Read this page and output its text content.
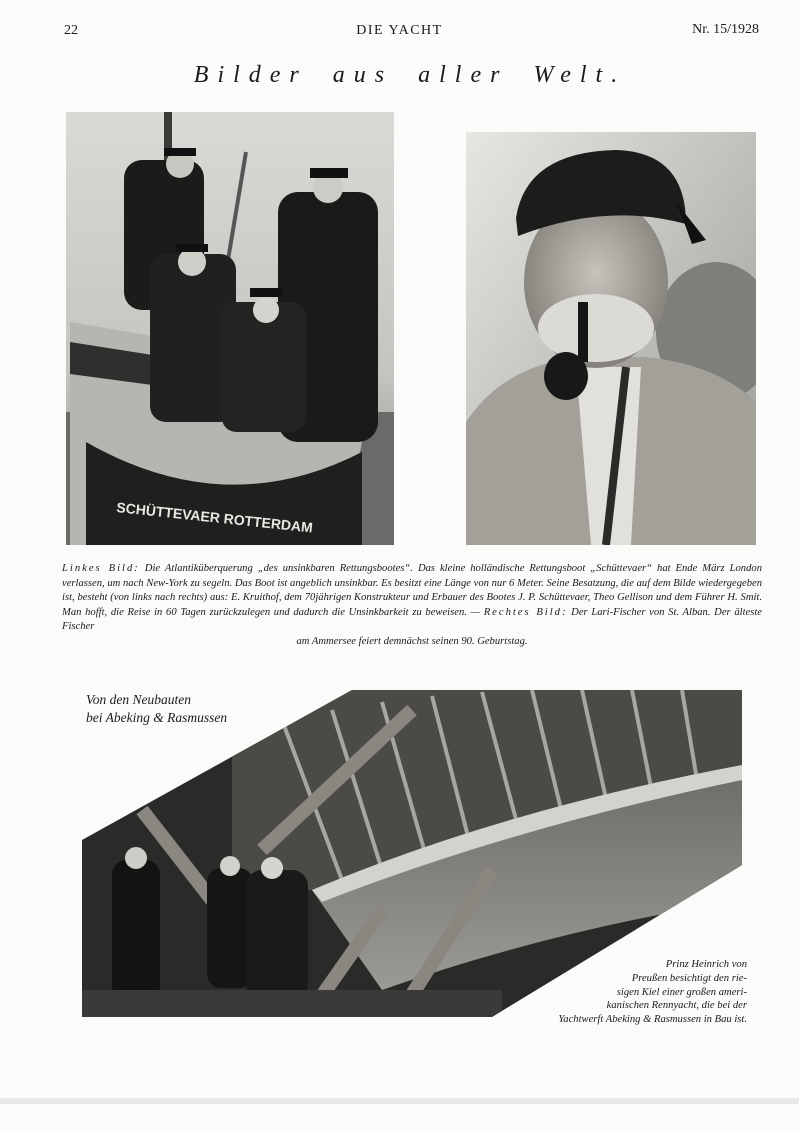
22	DIE YACHT	Nr. 15/1928
Bilder aus aller Welt.
SCHÜTTEVAER ROTTERDAM
Linkes Bild: Die Atlantiküberquerung „des unsinkbaren Rettungsbootes“. Das kleine holländische Rettungsboot „Schüttevaer“ hat Ende März London verlassen, um nach New-York zu segeln. Das Boot ist angeblich unsinkbar. Es besitzt eine Länge von nur 6 Meter. Seine Besatzung, die auf dem Bilde wiedergegeben ist, besteht (von links nach rechts) aus: E. Kruithof, dem 70jährigen Konstrukteur und Erbauer des Bootes J. P. Schüttevaer, Theo Gellison und dem Führer H. Smit. Man hofft, die Reise in 60 Tagen zurückzulegen und dadurch die Unsinkbarkeit zu beweisen. — Rechtes Bild: Der Lari-Fischer von St. Alban. Der älteste Fischer
am Ammersee feiert demnächst seinen 90. Geburtstag.
Von den Neubauten
bei Abeking & Rasmussen
Prinz Heinrich von
Preußen besichtigt den rie-
sigen Kiel einer großen ameri-
kanischen Rennyacht, die bei der
Yachtwerft Abeking & Rasmussen in Bau ist.
